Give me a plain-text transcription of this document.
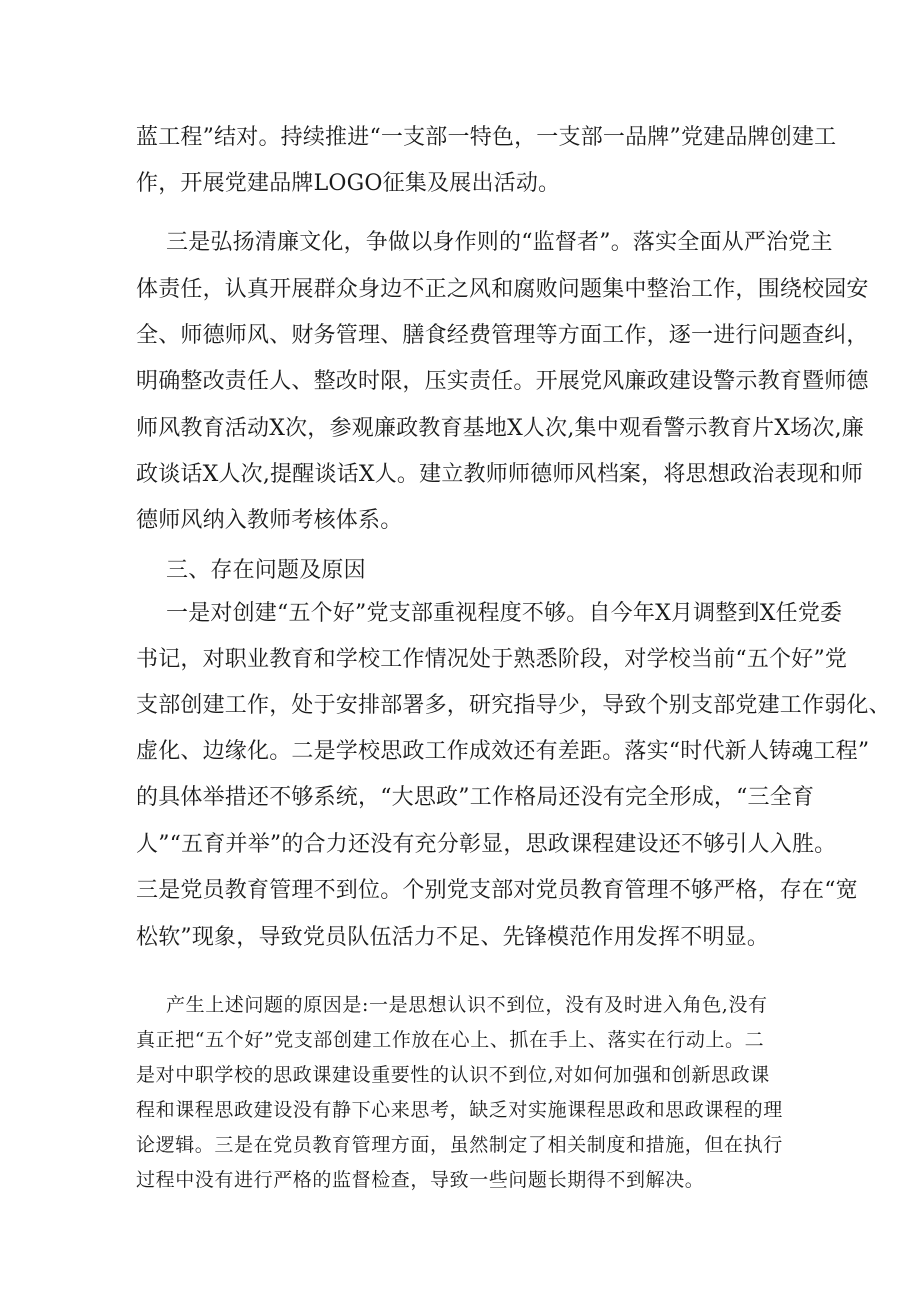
蓝工程”结对。持续推进“一支部一特色，一支部一品牌”党建品牌创建工
作，开展党建品牌LOGO征集及展出活动。
三是弘扬清廉文化，争做以身作则的“监督者”。落实全面从严治党主
体责任，认真开展群众身边不正之风和腐败问题集中整治工作，围绕校园安
全、师德师风、财务管理、膳食经费管理等方面工作，逐一进行问题查纠，
明确整改责任人、整改时限，压实责任。开展党风廉政建设警示教育暨师德
师风教育活动X次，参观廉政教育基地X人次,集中观看警示教育片X场次,廉
政谈话X人次,提醒谈话X人。建立教师师德师风档案，将思想政治表现和师
德师风纳入教师考核体系。
三、存在问题及原因
一是对创建“五个好”党支部重视程度不够。自今年X月调整到X任党委
书记，对职业教育和学校工作情况处于熟悉阶段，对学校当前“五个好”党
支部创建工作，处于安排部署多，研究指导少，导致个别支部党建工作弱化、
虚化、边缘化。二是学校思政工作成效还有差距。落实“时代新人铸魂工程”
的具体举措还不够系统，“大思政”工作格局还没有完全形成，“三全育
人”“五育并举”的合力还没有充分彰显，思政课程建设还不够引人入胜。
三是党员教育管理不到位。个别党支部对党员教育管理不够严格，存在“宽
松软”现象，导致党员队伍活力不足、先锋模范作用发挥不明显。
产生上述问题的原因是:一是思想认识不到位，没有及时进入角色,没有
真正把“五个好”党支部创建工作放在心上、抓在手上、落实在行动上。二
是对中职学校的思政课建设重要性的认识不到位,对如何加强和创新思政课
程和课程思政建设没有静下心来思考，缺乏对实施课程思政和思政课程的理
论逻辑。三是在党员教育管理方面，虽然制定了相关制度和措施，但在执行
过程中没有进行严格的监督检查，导致一些问题长期得不到解决。
